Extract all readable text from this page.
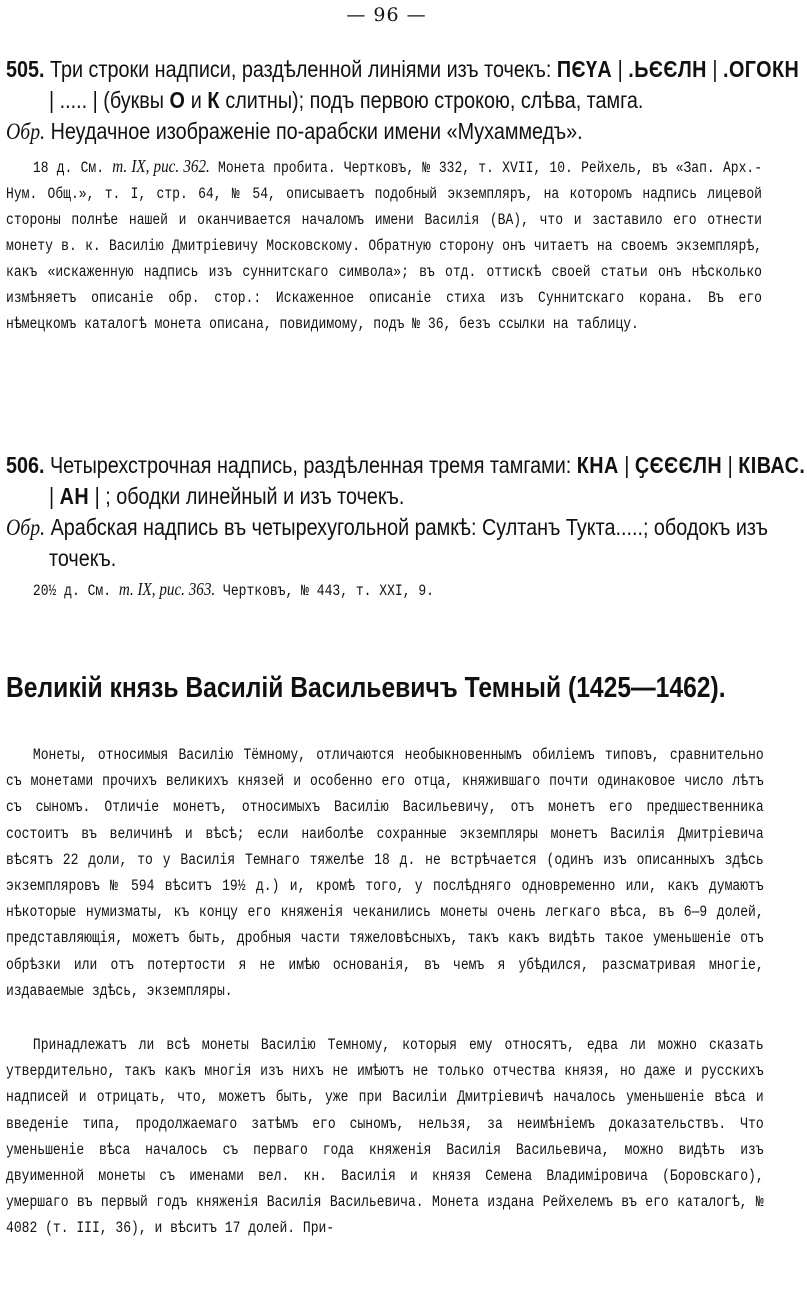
— 96 —

505. Три строки надписи, раздѣленной линіями изъ точекъ: ПЄҮА | .ЬЄЄЛН | .ОГОКН | ..... | (буквы О и К слитны); подъ первою строкою, слѣва, тамга.

Обр. Неудачное изображеніе по-арабски имени «Мухаммедъ».

18 д. См. т. IX, рис. 362. Монета пробита. Чертковъ, № 332, т. XVII, 10. Рейхель, въ «Зап. Арх.-Нум. Общ.», т. I, стр. 64, № 54, описываетъ подобный экземпляръ, на которомъ надпись лицевой стороны полнѣе нашей и оканчивается началомъ имени Василія (ВА), что и заставило его отнести монету в. к. Василію Дмитріевичу Московскому. Обратную сторону онъ читаетъ на своемъ экземплярѣ, какъ «искаженную надпись изъ суннитскаго символа»; въ отд. оттискѣ своей статьи онъ нѣсколько измѣняетъ описаніе обр. стор.: Искаженное описаніе стиха изъ Суннитскаго корана. Въ его нѣмецкомъ каталогѣ монета описана, повидимому, подъ № 36, безъ ссылки на таблицу.

506. Четырехстрочная надпись, раздѣленная тремя тамгами: КНА | ҪЄЄЄЛН | КІВАС. | АН | ; ободки линейный и изъ точекъ.

Обр. Арабская надпись въ четырехугольной рамкѣ: Султанъ Тукта.....; ободокъ изъ точекъ.

20½ д. См. т. IX, рис. 363. Чертковъ, № 443, т. XXI, 9.

Великій князь Василій Васильевичъ Темный (1425—1462).

Монеты, относимыя Василію Тёмному, отличаются необыкновеннымъ обиліемъ типовъ, сравнительно съ монетами прочихъ великихъ князей и особенно его отца, княжившаго почти одинаковое число лѣтъ съ сыномъ. Отличіе монетъ, относимыхъ Василію Васильевичу, отъ монетъ его предшественника состоитъ въ величинѣ и вѣсѣ; если наиболѣе сохранные экземпляры монетъ Василія Дмитріевича вѣсятъ 22 доли, то у Василія Темнаго тяжелѣе 18 д. не встрѣчается (одинъ изъ описанныхъ здѣсь экземпляровъ № 594 вѣситъ 19½ д.) и, кромѣ того, у послѣдняго одновременно или, какъ думаютъ нѣкоторые нумизматы, къ концу его княженія чеканились монеты очень легкаго вѣса, въ 6—9 долей, представляющія, можетъ быть, дробныя части тяжеловѣсныхъ, такъ какъ видѣть такое уменьшеніе отъ обрѣзки или отъ потертости я не имѣю основанія, въ чемъ я убѣдился, разсматривая многіе, издаваемые здѣсь, экземпляры.

Принадлежатъ ли всѣ монеты Василію Темному, которыя ему относятъ, едва ли можно сказать утвердительно, такъ какъ многія изъ нихъ не имѣютъ не только отчества князя, но даже и русскихъ надписей и отрицать, что, можетъ быть, уже при Василіи Дмитріевичѣ началось уменьшеніе вѣса и введеніе типа, продолжаемаго затѣмъ его сыномъ, нельзя, за неимѣніемъ доказательствъ. Что уменьшеніе вѣса началось съ перваго года княженія Василія Васильевича, можно видѣть изъ двуименной монеты съ именами вел. кн. Василія и князя Семена Владиміровича (Боровскаго), умершаго въ первый годъ княженія Василія Васильевича. Монета издана Рейхелемъ въ его каталогѣ, № 4082 (т. III, 36), и вѣситъ 17 долей. При-
